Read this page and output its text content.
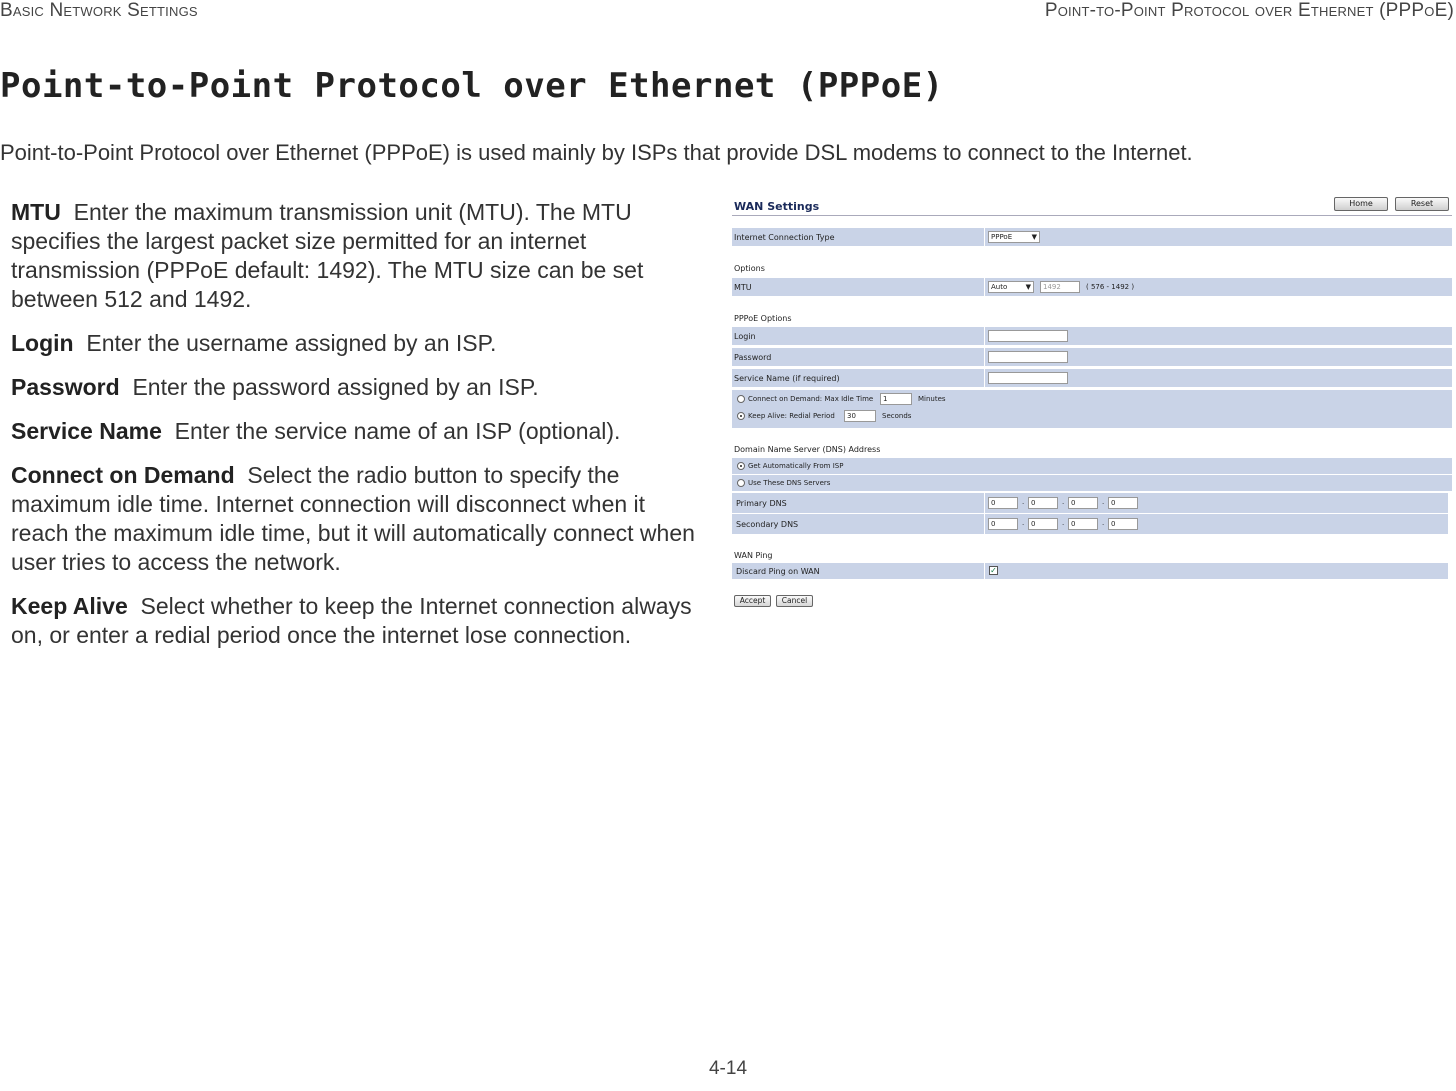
Basic Network Settings	Point-to-Point Protocol over Ethernet (PPPoE)
Point-to-Point Protocol over Ethernet (PPPoE)
Point-to-Point Protocol over Ethernet (PPPoE) is used mainly by ISPs that provide DSL modems to connect to the Internet.

MTU Enter the maximum transmission unit (MTU). The MTU specifies the largest packet size permitted for an internet transmission (PPPoE default: 1492). The MTU size can be set between 512 and 1492.

Login Enter the username assigned by an ISP.

Password Enter the password assigned by an ISP.

Service Name Enter the service name of an ISP (optional).

Connect on Demand Select the radio button to specify the maximum idle time. Internet connection will disconnect when it reach the maximum idle time, but it will automatically connect when user tries to access the network.

Keep Alive Select whether to keep the Internet connection always on, or enter a redial period once the internet lose connection.

WAN Settings	Home	Reset
Internet Connection Type	PPPoE	▼
Options
MTU	Auto	▼	1492	( 576 - 1492 )
PPPoE Options
Login
Password
Service Name (if required)
Connect on Demand: Max Idle Time	1	Minutes
Keep Alive: Redial Period	30	Seconds
Domain Name Server (DNS) Address
Get Automatically From ISP
Use These DNS Servers
Primary DNS	0	. 0	. 0	. 0
Secondary DNS	0	. 0	. 0	. 0
WAN Ping
Discard Ping on WAN	✓
Accept	Cancel
4-14
